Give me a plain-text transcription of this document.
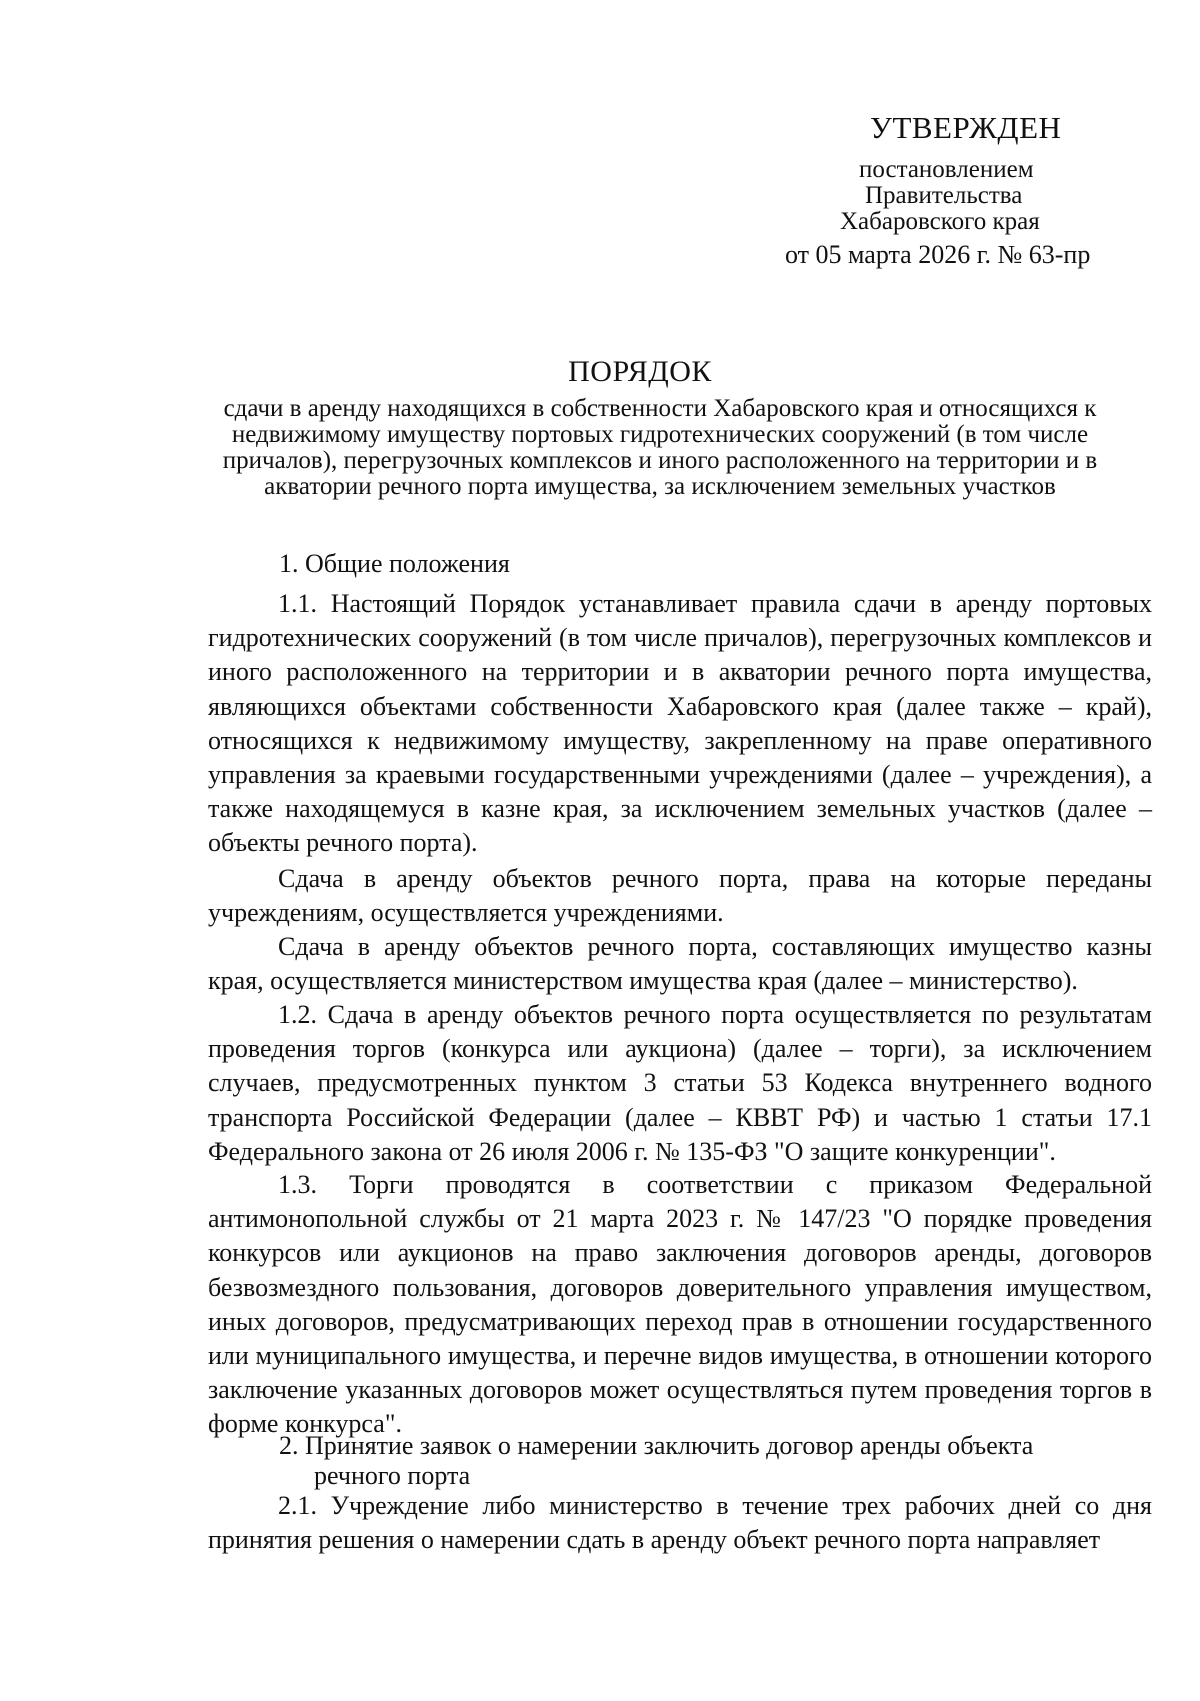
УТВЕРЖДЕН
постановлением
Правительства
Хабаровского края
от 05 марта 2026 г. № 63-пр
ПОРЯДОК
сдачи в аренду находящихся в собственности Хабаровского края и относящихся к недвижимому имуществу портовых гидротехнических сооружений (в том числе причалов), перегрузочных комплексов и иного расположенного на территории и в акватории речного порта имущества, за исключением земельных участков
1. Общие положения

1.1. Настоящий Порядок устанавливает правила сдачи в аренду портовых гидротехнических сооружений (в том числе причалов), перегрузочных комплексов и иного расположенного на территории и в акватории речного порта имущества, являющихся объектами собственности Хабаровского края (далее также – край), относящихся к недвижимому имуществу, закрепленному на праве оперативного управления за краевыми государственными учреждениями (далее – учреждения), а также находящемуся в казне края, за исключением земельных участков (далее – объекты речного порта).

Сдача в аренду объектов речного порта, права на которые переданы учреждениям, осуществляется учреждениями.

Сдача в аренду объектов речного порта, составляющих имущество казны края, осуществляется министерством имущества края (далее – министерство).

1.2. Сдача в аренду объектов речного порта осуществляется по результатам проведения торгов (конкурса или аукциона) (далее – торги), за исключением случаев, предусмотренных пунктом 3 статьи 53 Кодекса внутреннего водного транспорта Российской Федерации (далее – КВВТ РФ) и частью 1 статьи 17.1 Федерального закона от 26 июля 2006 г. № 135-ФЗ "О защите конкуренции".

1.3. Торги проводятся в соответствии с приказом Федеральной антимонопольной службы от 21 марта 2023 г. № 147/23 "О порядке проведения конкурсов или аукционов на право заключения договоров аренды, договоров безвозмездного пользования, договоров доверительного управления имуществом, иных договоров, предусматривающих переход прав в отношении государственного или муниципального имущества, и перечне видов имущества, в отношении которого заключение указанных договоров может осуществляться путем проведения торгов в форме конкурса".

2. Принятие заявок о намерении заключить договор аренды объекта
речного порта

2.1. Учреждение либо министерство в течение трех рабочих дней со дня принятия решения о намерении сдать в аренду объект речного порта направляет
